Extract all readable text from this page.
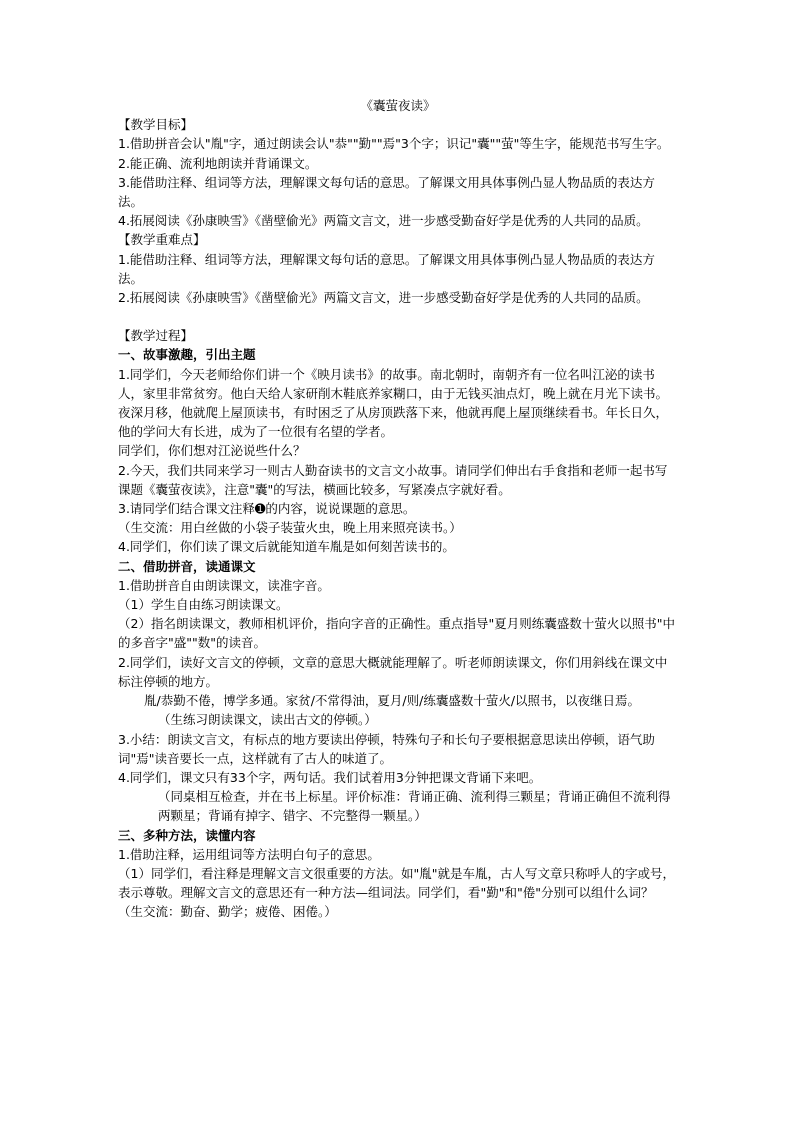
《囊萤夜读》

【教学目标】

1.借助拼音会认"胤"字，通过朗读会认"恭""勤""焉"3个字；识记"囊""萤"等生字，能规范书写生字。

2.能正确、流利地朗读并背诵课文。

3.能借助注释、组词等方法，理解课文每句话的意思。了解课文用具体事例凸显人物品质的表达方法。

4.拓展阅读《孙康映雪》《凿壁偷光》两篇文言文，进一步感受勤奋好学是优秀的人共同的品质。

【教学重难点】

1.能借助注释、组词等方法，理解课文每句话的意思。了解课文用具体事例凸显人物品质的表达方法。

2.拓展阅读《孙康映雪》《凿壁偷光》两篇文言文，进一步感受勤奋好学是优秀的人共同的品质。

【教学过程】

一、故事激趣，引出主题

1.同学们，今天老师给你们讲一个《映月读书》的故事。南北朝时，南朝齐有一位名叫江泌的读书人，家里非常贫穷。他白天给人家研削木鞋底养家糊口，由于无钱买油点灯，晚上就在月光下读书。夜深月移，他就爬上屋顶读书，有时困乏了从房顶跌落下来，他就再爬上屋顶继续看书。年长日久，他的学问大有长进，成为了一位很有名望的学者。

同学们，你们想对江泌说些什么？

2.今天，我们共同来学习一则古人勤奋读书的文言文小故事。请同学们伸出右手食指和老师一起书写课题《囊萤夜读》，注意"囊"的写法，横画比较多，写紧凑点字就好看。

3.请同学们结合课文注释➊的内容，说说课题的意思。

（生交流：用白丝做的小袋子装萤火虫，晚上用来照亮读书。）

4.同学们，你们读了课文后就能知道车胤是如何刻苦读书的。

二、借助拼音，读通课文

1.借助拼音自由朗读课文，读准字音。

（1）学生自由练习朗读课文。

（2）指名朗读课文，教师相机评价，指向字音的正确性。重点指导"夏月则练囊盛数十萤火以照书"中的多音字"盛""数"的读音。

2.同学们，读好文言文的停顿，文章的意思大概就能理解了。听老师朗读课文，你们用斜线在课文中标注停顿的地方。

胤/恭勤不倦，博学多通。家贫/不常得油，夏月/则/练囊盛数十萤火/以照书，以夜继日焉。

（生练习朗读课文，读出古文的停顿。）

3.小结：朗读文言文，有标点的地方要读出停顿，特殊句子和长句子要根据意思读出停顿，语气助词"焉"读音要长一点，这样就有了古人的味道了。

4.同学们，课文只有33个字，两句话。我们试着用3分钟把课文背诵下来吧。

（同桌相互检查，并在书上标星。评价标准：背诵正确、流利得三颗星；背诵正确但不流利得两颗星；背诵有掉字、错字、不完整得一颗星。）

三、多种方法，读懂内容

1.借助注释，运用组词等方法明白句子的意思。

（1）同学们，看注释是理解文言文很重要的方法。如"胤"就是车胤，古人写文章只称呼人的字或号，表示尊敬。理解文言文的意思还有一种方法—组词法。同学们，看"勤"和"倦"分别可以组什么词？（生交流：勤奋、勤学；疲倦、困倦。）
